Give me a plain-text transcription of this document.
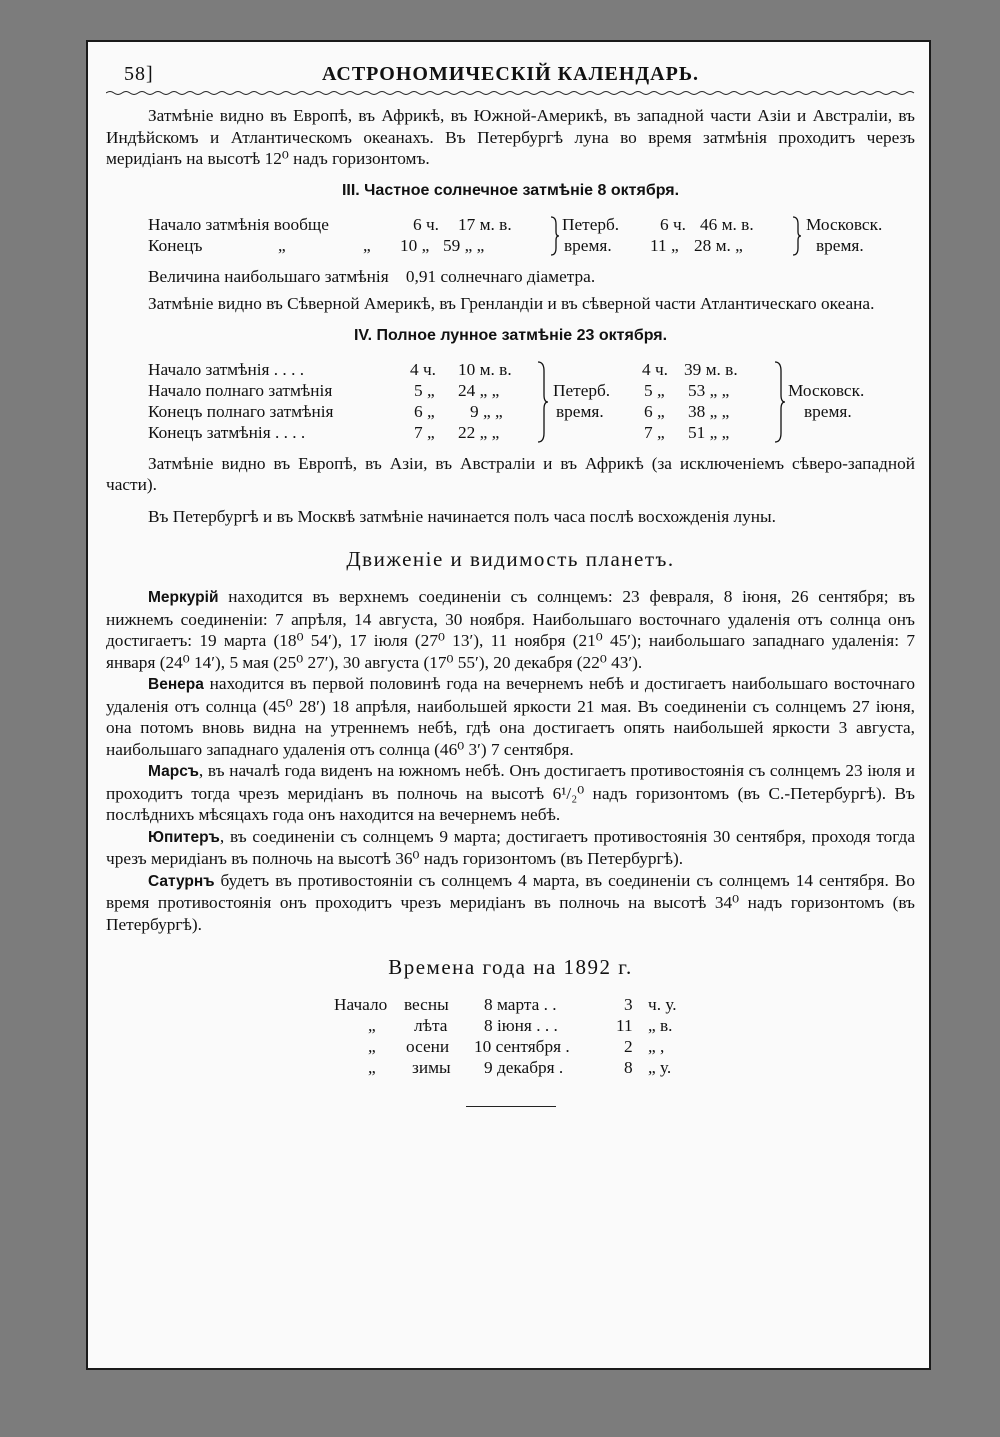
58]	АСТРОНОМИЧЕСКІЙ КАЛЕНДАРЬ.

Затмѣніе видно въ Европѣ, въ Африкѣ, въ Южной-Америкѣ, въ западной части Азіи и Австраліи, въ Индѣйскомъ и Атлантическомъ океанахъ. Въ Петербургѣ луна во время затмѣнія проходитъ черезъ меридіанъ на высотѣ 12⁰ надъ горизонтомъ.

III. Частное солнечное затмѣніе 8 октября.
Начало затмѣнія вообще	6 ч. 17 м. в.	Петерб. 6 ч. 46 м. в.	Московск.
Конецъ	„	„ 10 „ 59 „ „	время. 11 „ 28 м. „	время.

Величина наибольшаго затмѣнія    0,91 солнечнаго діаметра.

Затмѣніе видно въ Сѣверной Америкѣ, въ Гренландіи и въ сѣверной части Атлантическаго океана.

IV. Полное лунное затмѣніе 23 октября.
Начало затмѣнія . . . .	4 ч. 10 м. в.	4 ч. 39 м. в.
Начало полнаго затмѣнія	5 „ 24 „ „	Петерб. 5 „ 53 „ „	Московск.
Конецъ полнаго затмѣнія	6 „ 9 „ „	время. 6 „ 38 „ „	время.
Конецъ затмѣнія . . . .	7 „ 22 „ „	7 „ 51 „ „

Затмѣніе видно въ Европѣ, въ Азіи, въ Австраліи и въ Африкѣ (за исключеніемъ сѣверо-западной части).

Въ Петербургѣ и въ Москвѣ затмѣніе начинается полъ часа послѣ восхожденія луны.

Движеніе и видимость планетъ.

Меркурій находится въ верхнемъ соединеніи съ солнцемъ: 23 февраля, 8 іюня, 26 сентября; въ нижнемъ соединеніи: 7 апрѣля, 14 августа, 30 ноября. Наибольшаго восточнаго удаленія отъ солнца онъ достигаетъ: 19 марта (18⁰ 54′), 17 іюля (27⁰ 13′), 11 ноября (21⁰ 45′); наибольшаго западнаго удаленія: 7 января (24⁰ 14′), 5 мая (25⁰ 27′), 30 августа (17⁰ 55′), 20 декабря (22⁰ 43′).

Венера находится въ первой половинѣ года на вечернемъ небѣ и достигаетъ наибольшаго восточнаго удаленія отъ солнца (45⁰ 28′) 18 апрѣля, наибольшей яркости 21 мая. Въ соединеніи съ солнцемъ 27 іюня, она потомъ вновь видна на утреннемъ небѣ, гдѣ она достигаетъ опять наибольшей яркости 3 августа, наибольшаго западнаго удаленія отъ солнца (46⁰ 3′) 7 сентября.

Марсъ, въ началѣ года виденъ на южномъ небѣ. Онъ достигаетъ противостоянія съ солнцемъ 23 іюля и проходитъ тогда чрезъ меридіанъ въ полночь на высотѣ 6¹/₂⁰ надъ горизонтомъ (въ С.-Петербургѣ). Въ послѣднихъ мѣсяцахъ года онъ находится на вечернемъ небѣ.

Юпитеръ, въ соединеніи съ солнцемъ 9 марта; достигаетъ противостоянія 30 сентября, проходя тогда чрезъ меридіанъ въ полночь на высотѣ 36⁰ надъ горизонтомъ (въ Петербургѣ).

Сатурнъ будетъ въ противостояніи съ солнцемъ 4 марта, въ соединеніи съ солнцемъ 14 сентября. Во время противостоянія онъ проходитъ чрезъ меридіанъ въ полночь на высотѣ 34⁰ надъ горизонтомъ (въ Петербургѣ).

Времена года на 1892 г.
Начало весны 8 марта . .	3 ч. у.
„ лѣта 8 іюня . . .	11 „ в.
„ осени 10 сентября .	2 „ ,
„ зимы 9 декабря .	8 „ у.
